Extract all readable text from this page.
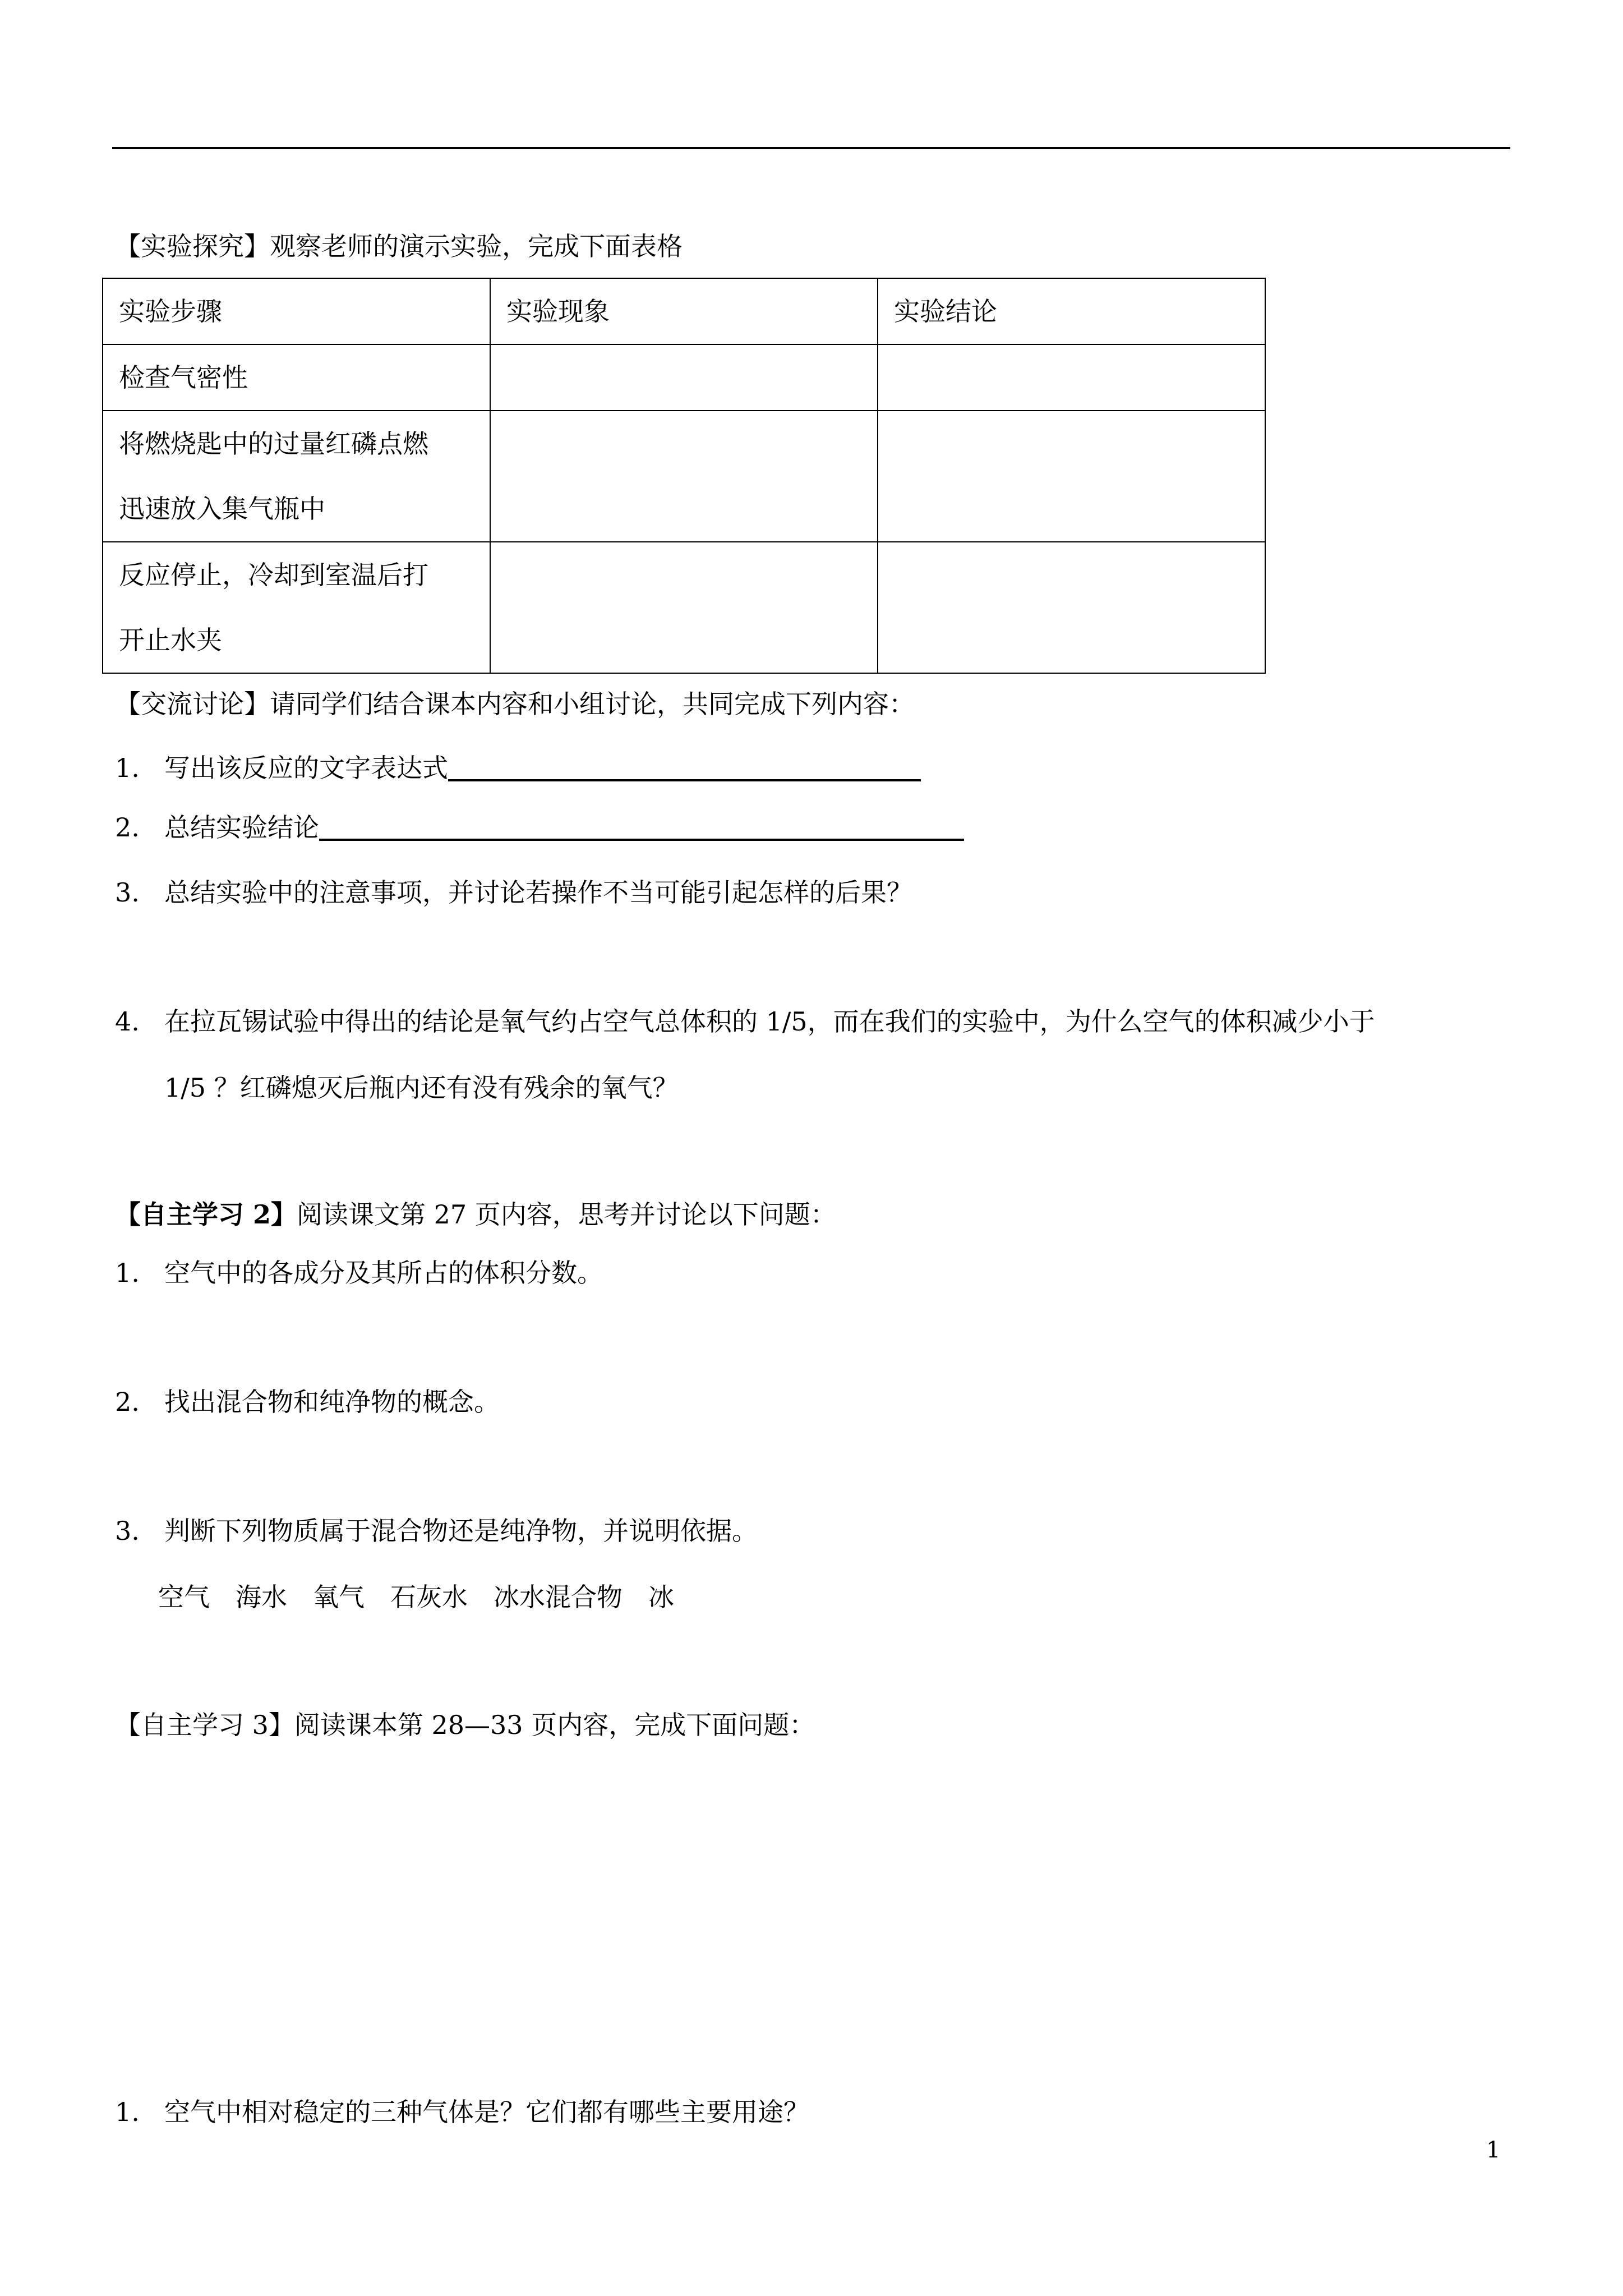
【实验探究】观察老师的演示实验，完成下面表格
实验步骤	实验现象	实验结论
检查气密性		

将燃烧匙中的过量红磷点燃
迅速放入集气瓶中		

反应停止，冷却到室温后打
开止水夹		

【交流讨论】请同学们结合课本内容和小组讨论，共同完成下列内容：
1. 写出该反应的文字表达式
2. 总结实验结论
3. 总结实验中的注意事项，并讨论若操作不当可能引起怎样的后果？
4. 在拉瓦锡试验中得出的结论是氧气约占空气总体积的 1/5，而在我们的实验中，为什么空气的体积减少小于
1/5 ？红磷熄灭后瓶内还有没有残余的氧气？
【自主学习 2】阅读课文第 27 页内容，思考并讨论以下问题：
1. 空气中的各成分及其所占的体积分数。
2. 找出混合物和纯净物的概念。
3. 判断下列物质属于混合物还是纯净物，并说明依据。
空气　海水　氧气　石灰水　冰水混合物　冰
【自主学习 3】阅读课本第 28—33 页内容，完成下面问题：
1. 空气中相对稳定的三种气体是？它们都有哪些主要用途？
1
